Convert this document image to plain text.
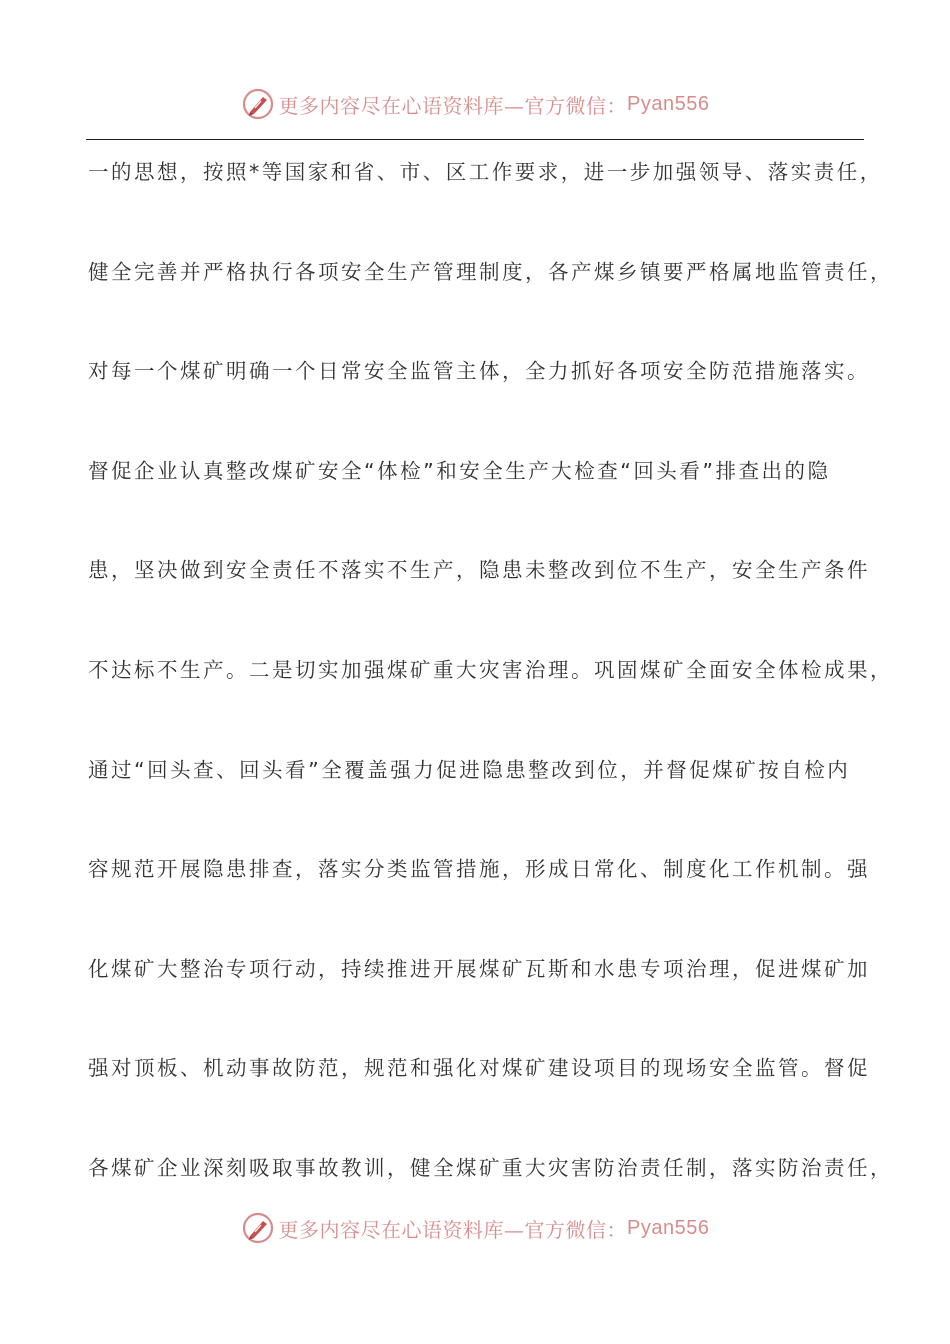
更多内容尽在心语资料库—官方微信： Pyan556
一的思想，按照*等国家和省、市、区工作要求，进一步加强领导、落实责任，
健全完善并严格执行各项安全生产管理制度，各产煤乡镇要严格属地监管责任，
对每一个煤矿明确一个日常安全监管主体，全力抓好各项安全防范措施落实。
督促企业认真整改煤矿安全“体检”和安全生产大检查“回头看”排查出的隐
患，坚决做到安全责任不落实不生产，隐患未整改到位不生产，安全生产条件
不达标不生产。二是切实加强煤矿重大灾害治理。巩固煤矿全面安全体检成果，
通过“回头查、回头看”全覆盖强力促进隐患整改到位，并督促煤矿按自检内
容规范开展隐患排查，落实分类监管措施，形成日常化、制度化工作机制。强
化煤矿大整治专项行动，持续推进开展煤矿瓦斯和水患专项治理，促进煤矿加
强对顶板、机动事故防范，规范和强化对煤矿建设项目的现场安全监管。督促
各煤矿企业深刻吸取事故教训，健全煤矿重大灾害防治责任制，落实防治责任，
更多内容尽在心语资料库—官方微信： Pyan556
